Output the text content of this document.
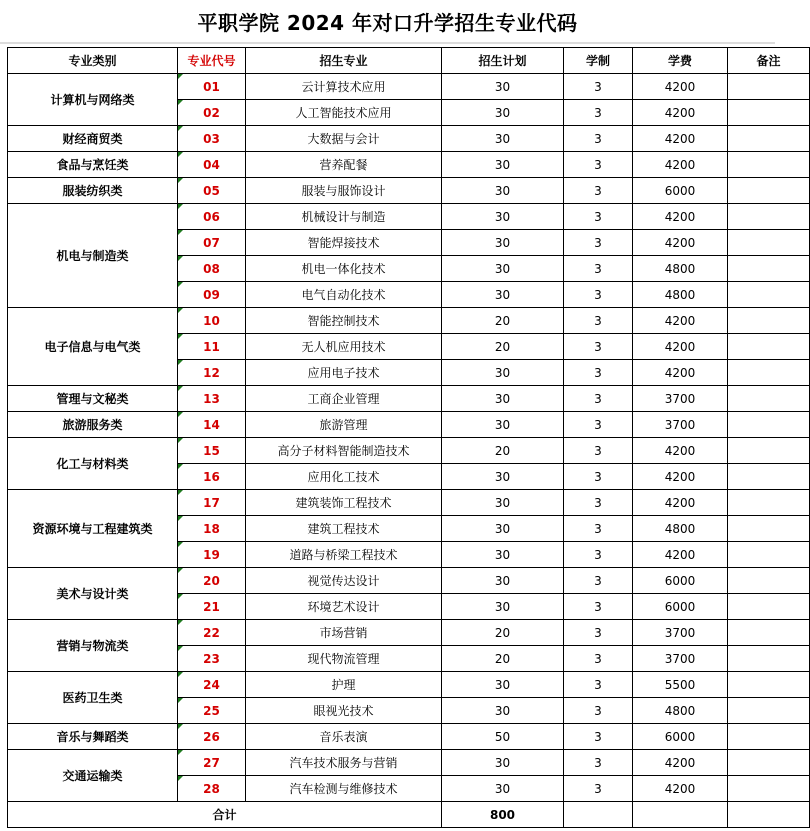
平职学院 2024 年对口升学招生专业代码
专业类别	专业代号	招生专业	招生计划	学制	学费	备注
计算机与网络类	01	云计算技术应用	30	3	4200	
	02	人工智能技术应用	30	3	4200	
财经商贸类	03	大数据与会计	30	3	4200	
食品与烹饪类	04	营养配餐	30	3	4200	
服装纺织类	05	服装与服饰设计	30	3	6000	
机电与制造类	06	机械设计与制造	30	3	4200	
	07	智能焊接技术	30	3	4200	
	08	机电一体化技术	30	3	4800	
	09	电气自动化技术	30	3	4800	
电子信息与电气类	10	智能控制技术	20	3	4200	
	11	无人机应用技术	20	3	4200	
	12	应用电子技术	30	3	4200	
管理与文秘类	13	工商企业管理	30	3	3700	
旅游服务类	14	旅游管理	30	3	3700	
化工与材料类	15	高分子材料智能制造技术	20	3	4200	
	16	应用化工技术	30	3	4200	
资源环境与工程建筑类	17	建筑装饰工程技术	30	3	4200	
	18	建筑工程技术	30	3	4800	
	19	道路与桥梁工程技术	30	3	4200	
美术与设计类	20	视觉传达设计	30	3	6000	
	21	环境艺术设计	30	3	6000	
营销与物流类	22	市场营销	20	3	3700	
	23	现代物流管理	20	3	3700	
医药卫生类	24	护理	30	3	5500	
	25	眼视光技术	30	3	4800	
音乐与舞蹈类	26	音乐表演	50	3	6000	
交通运输类	27	汽车技术服务与营销	30	3	4200	
	28	汽车检测与维修技术	30	3	4200	
合计			800			
